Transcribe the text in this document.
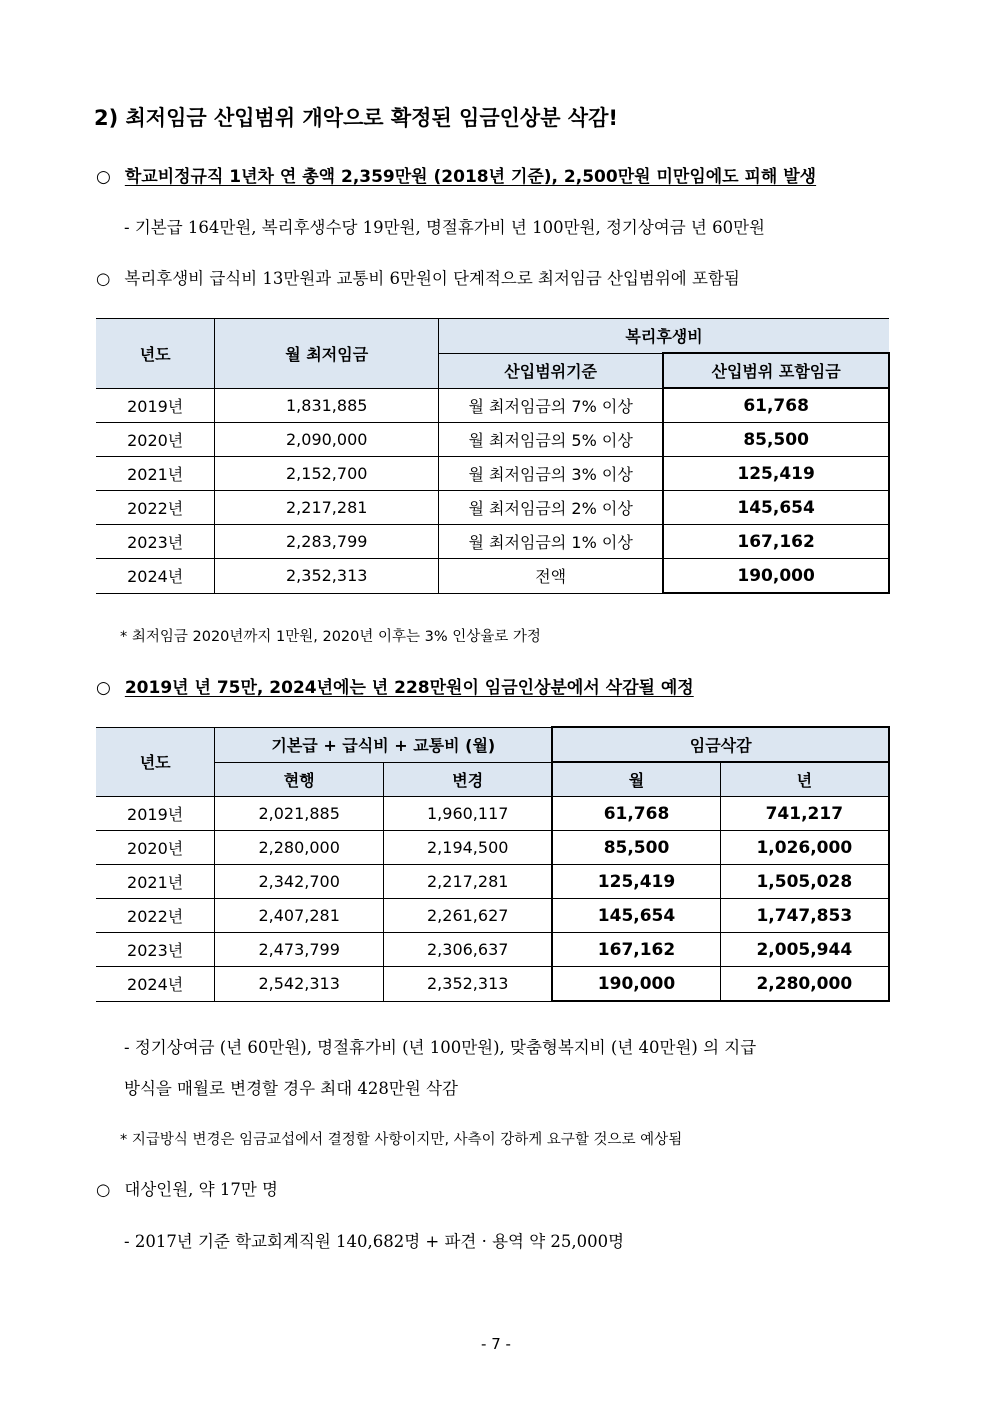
2) 최저임금 산입범위 개악으로 확정된 임금인상분 삭감!
○ 학교비정규직 1년차 연 총액 2,359만원 (2018년 기준), 2,500만원 미만임에도 피해 발생
- 기본급 164만원, 복리후생수당 19만원, 명절휴가비 년 100만원, 정기상여금 년 60만원
○ 복리후생비 급식비 13만원과 교통비 6만원이 단계적으로 최저임금 산입범위에 포함됨
년도	월 최저임금	복리후생비	
		산입범위기준	산입범위 포함임금
2019년	1,831,885	월 최저임금의 7% 이상	61,768
2020년	2,090,000	월 최저임금의 5% 이상	85,500
2021년	2,152,700	월 최저임금의 3% 이상	125,419
2022년	2,217,281	월 최저임금의 2% 이상	145,654
2023년	2,283,799	월 최저임금의 1% 이상	167,162
2024년	2,352,313	전액	190,000
* 최저임금 2020년까지 1만원, 2020년 이후는 3% 인상율로 가정
○ 2019년 년 75만, 2024년에는 년 228만원이 임금인상분에서 삭감될 예정
년도	기본급 + 급식비 + 교통비 (월)		임금삭감	
	현행	변경	월	년
2019년	2,021,885	1,960,117	61,768	741,217
2020년	2,280,000	2,194,500	85,500	1,026,000
2021년	2,342,700	2,217,281	125,419	1,505,028
2022년	2,407,281	2,261,627	145,654	1,747,853
2023년	2,473,799	2,306,637	167,162	2,005,944
2024년	2,542,313	2,352,313	190,000	2,280,000
- 정기상여금 (년 60만원), 명절휴가비 (년 100만원), 맞춤형복지비 (년 40만원) 의 지급
방식을 매월로 변경할 경우 최대 428만원 삭감
* 지급방식 변경은 임금교섭에서 결정할 사항이지만, 사측이 강하게 요구할 것으로 예상됨
○ 대상인원, 약 17만 명
- 2017년 기준 학교회계직원 140,682명 + 파견 · 용역 약 25,000명
- 7 -
